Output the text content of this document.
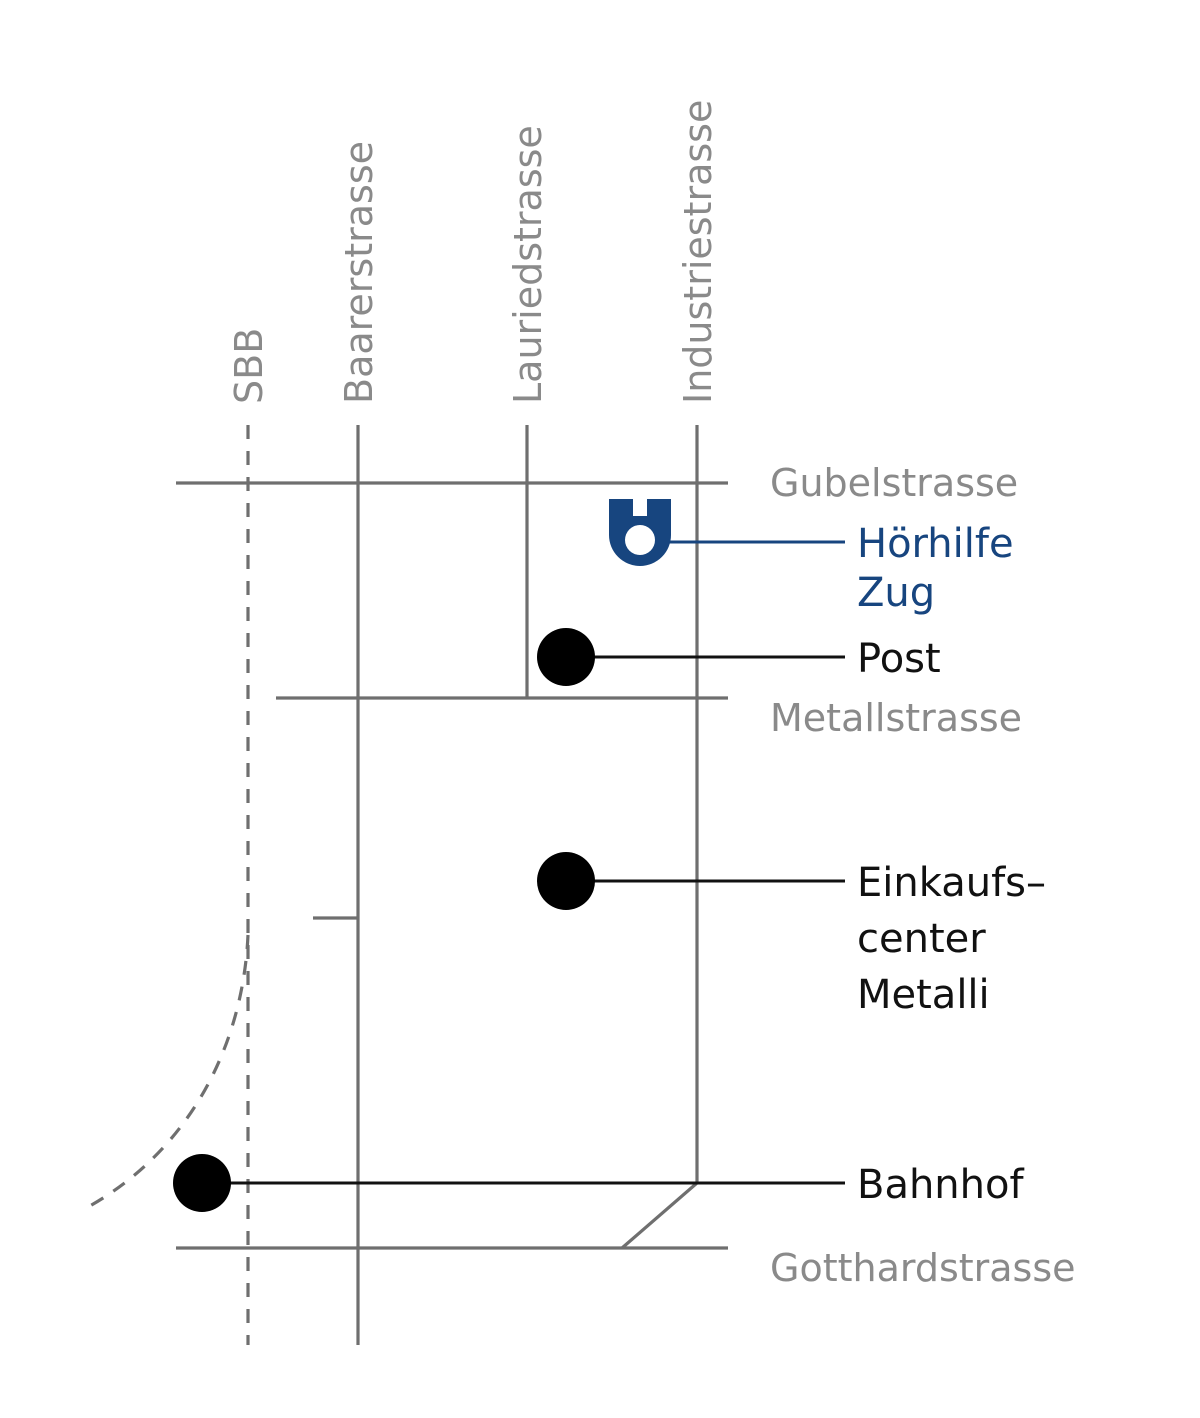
SBB Baarerstrasse	Lauriedstrasse	Industriestrasse
Gubelstrasse
Metallstrasse
Gotthardstrasse
Hörhilfe
Zug
Post
Einkaufs–
center
Metalli
Bahnhof
